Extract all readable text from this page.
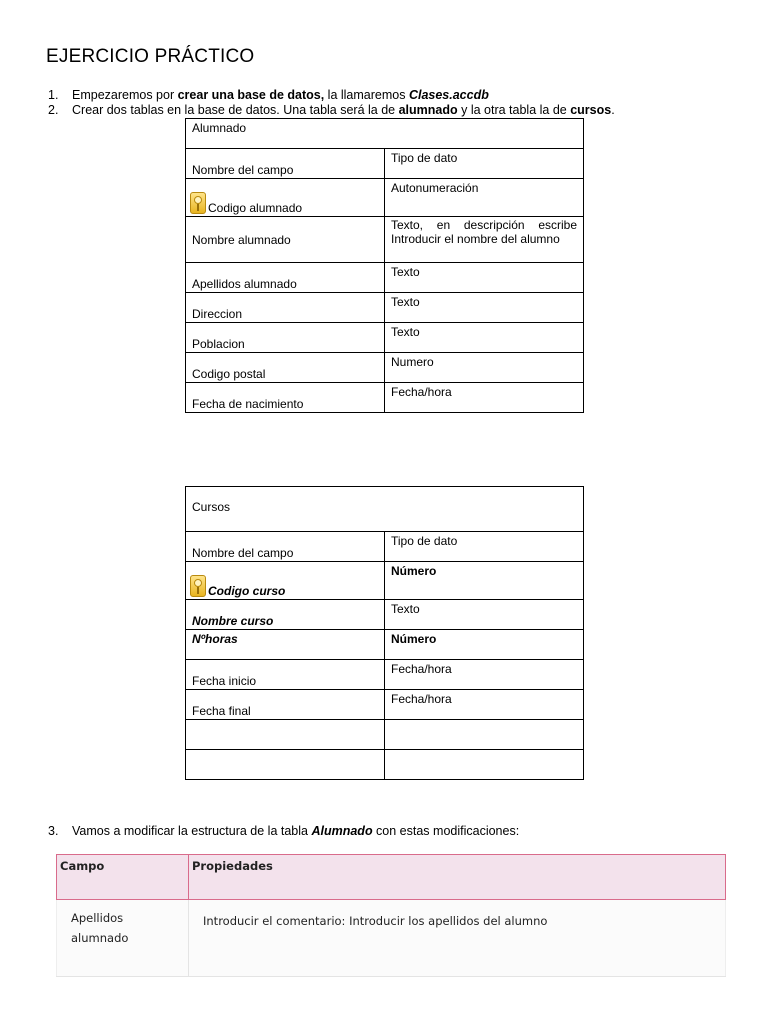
EJERCICIO PRÁCTICO
1. Empezaremos por crear una base de datos, la llamaremos Clases.accdb
2. Crear dos tablas en la base de datos. Una tabla será la de alumnado y la otra tabla la de cursos.
Alumnado	

Nombre del campo	Tipo de dato

Codigo alumnado	Autonumeración

Nombre alumnado	Texto, en descripción escribe Introducir el nombre del alumno

Apellidos alumnado	Texto

Direccion	Texto

Poblacion	Texto

Codigo postal	Numero

Fecha de nacimiento	Fecha/hora
Cursos	

Nombre del campo	Tipo de dato

Codigo curso	Número

Nombre curso	Texto

Nºhoras	Número

Fecha inicio	Fecha/hora

Fecha final	Fecha/hora

3. Vamos a modificar la estructura de la tabla Alumnado con estas modificaciones:
Campo	Propiedades

Apellidos
alumnado	Introducir el comentario: Introducir los apellidos del alumno
